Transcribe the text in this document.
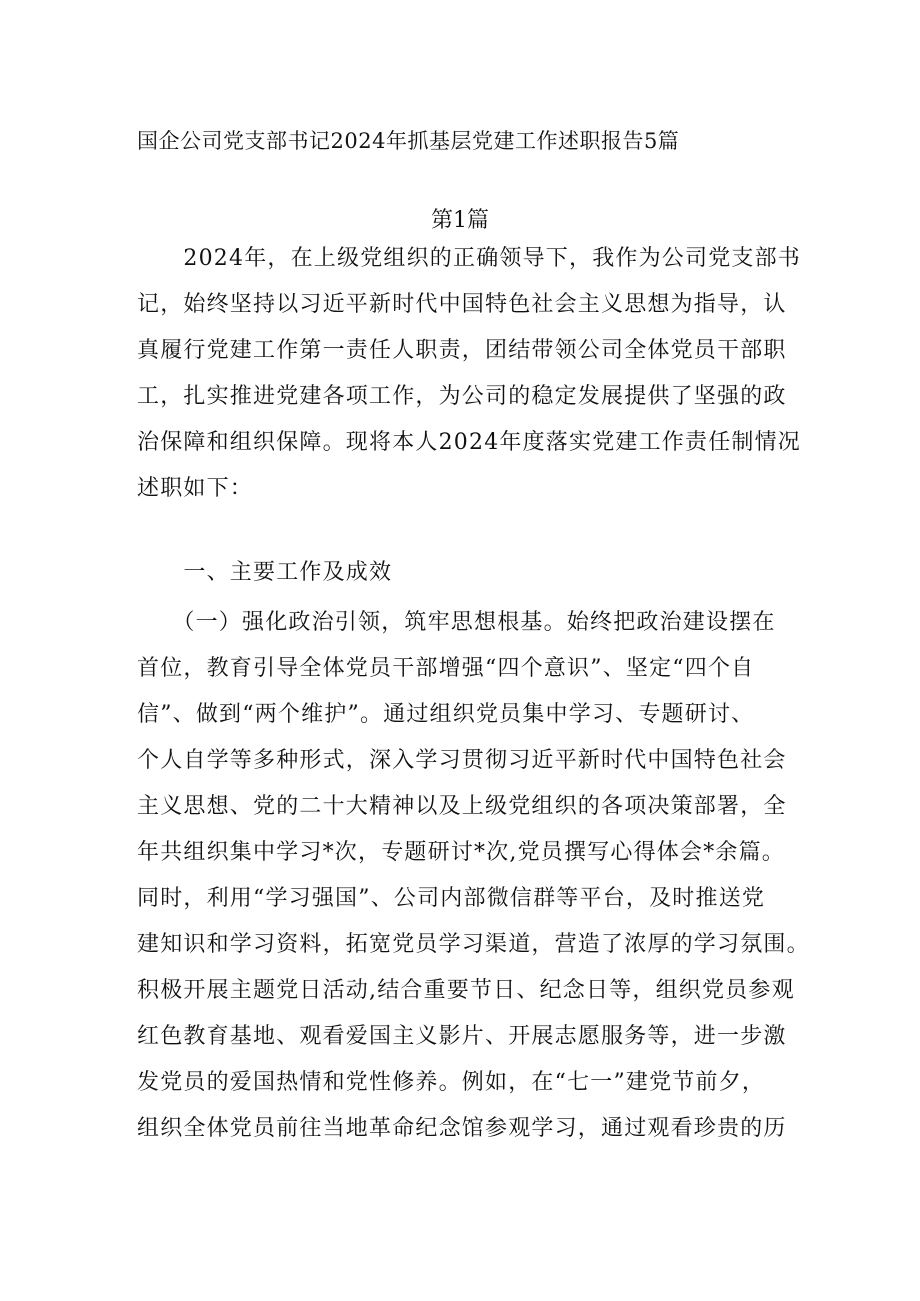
国企公司党支部书记2024年抓基层党建工作述职报告5篇
第1篇
　　2024年，在上级党组织的正确领导下，我作为公司党支部书
记，始终坚持以习近平新时代中国特色社会主义思想为指导，认
真履行党建工作第一责任人职责，团结带领公司全体党员干部职
工，扎实推进党建各项工作，为公司的稳定发展提供了坚强的政
治保障和组织保障。现将本人2024年度落实党建工作责任制情况
述职如下：
　　一、主要工作及成效
　　（一）强化政治引领，筑牢思想根基。始终把政治建设摆在
首位，教育引导全体党员干部增强“四个意识”、坚定“四个自
信”、做到“两个维护”。通过组织党员集中学习、专题研讨、
个人自学等多种形式，深入学习贯彻习近平新时代中国特色社会
主义思想、党的二十大精神以及上级党组织的各项决策部署，全
年共组织集中学习*次，专题研讨*次,党员撰写心得体会*余篇。
同时，利用“学习强国”、公司内部微信群等平台，及时推送党
建知识和学习资料，拓宽党员学习渠道，营造了浓厚的学习氛围。
积极开展主题党日活动,结合重要节日、纪念日等，组织党员参观
红色教育基地、观看爱国主义影片、开展志愿服务等，进一步激
发党员的爱国热情和党性修养。例如，在“七一”建党节前夕，
组织全体党员前往当地革命纪念馆参观学习，通过观看珍贵的历
